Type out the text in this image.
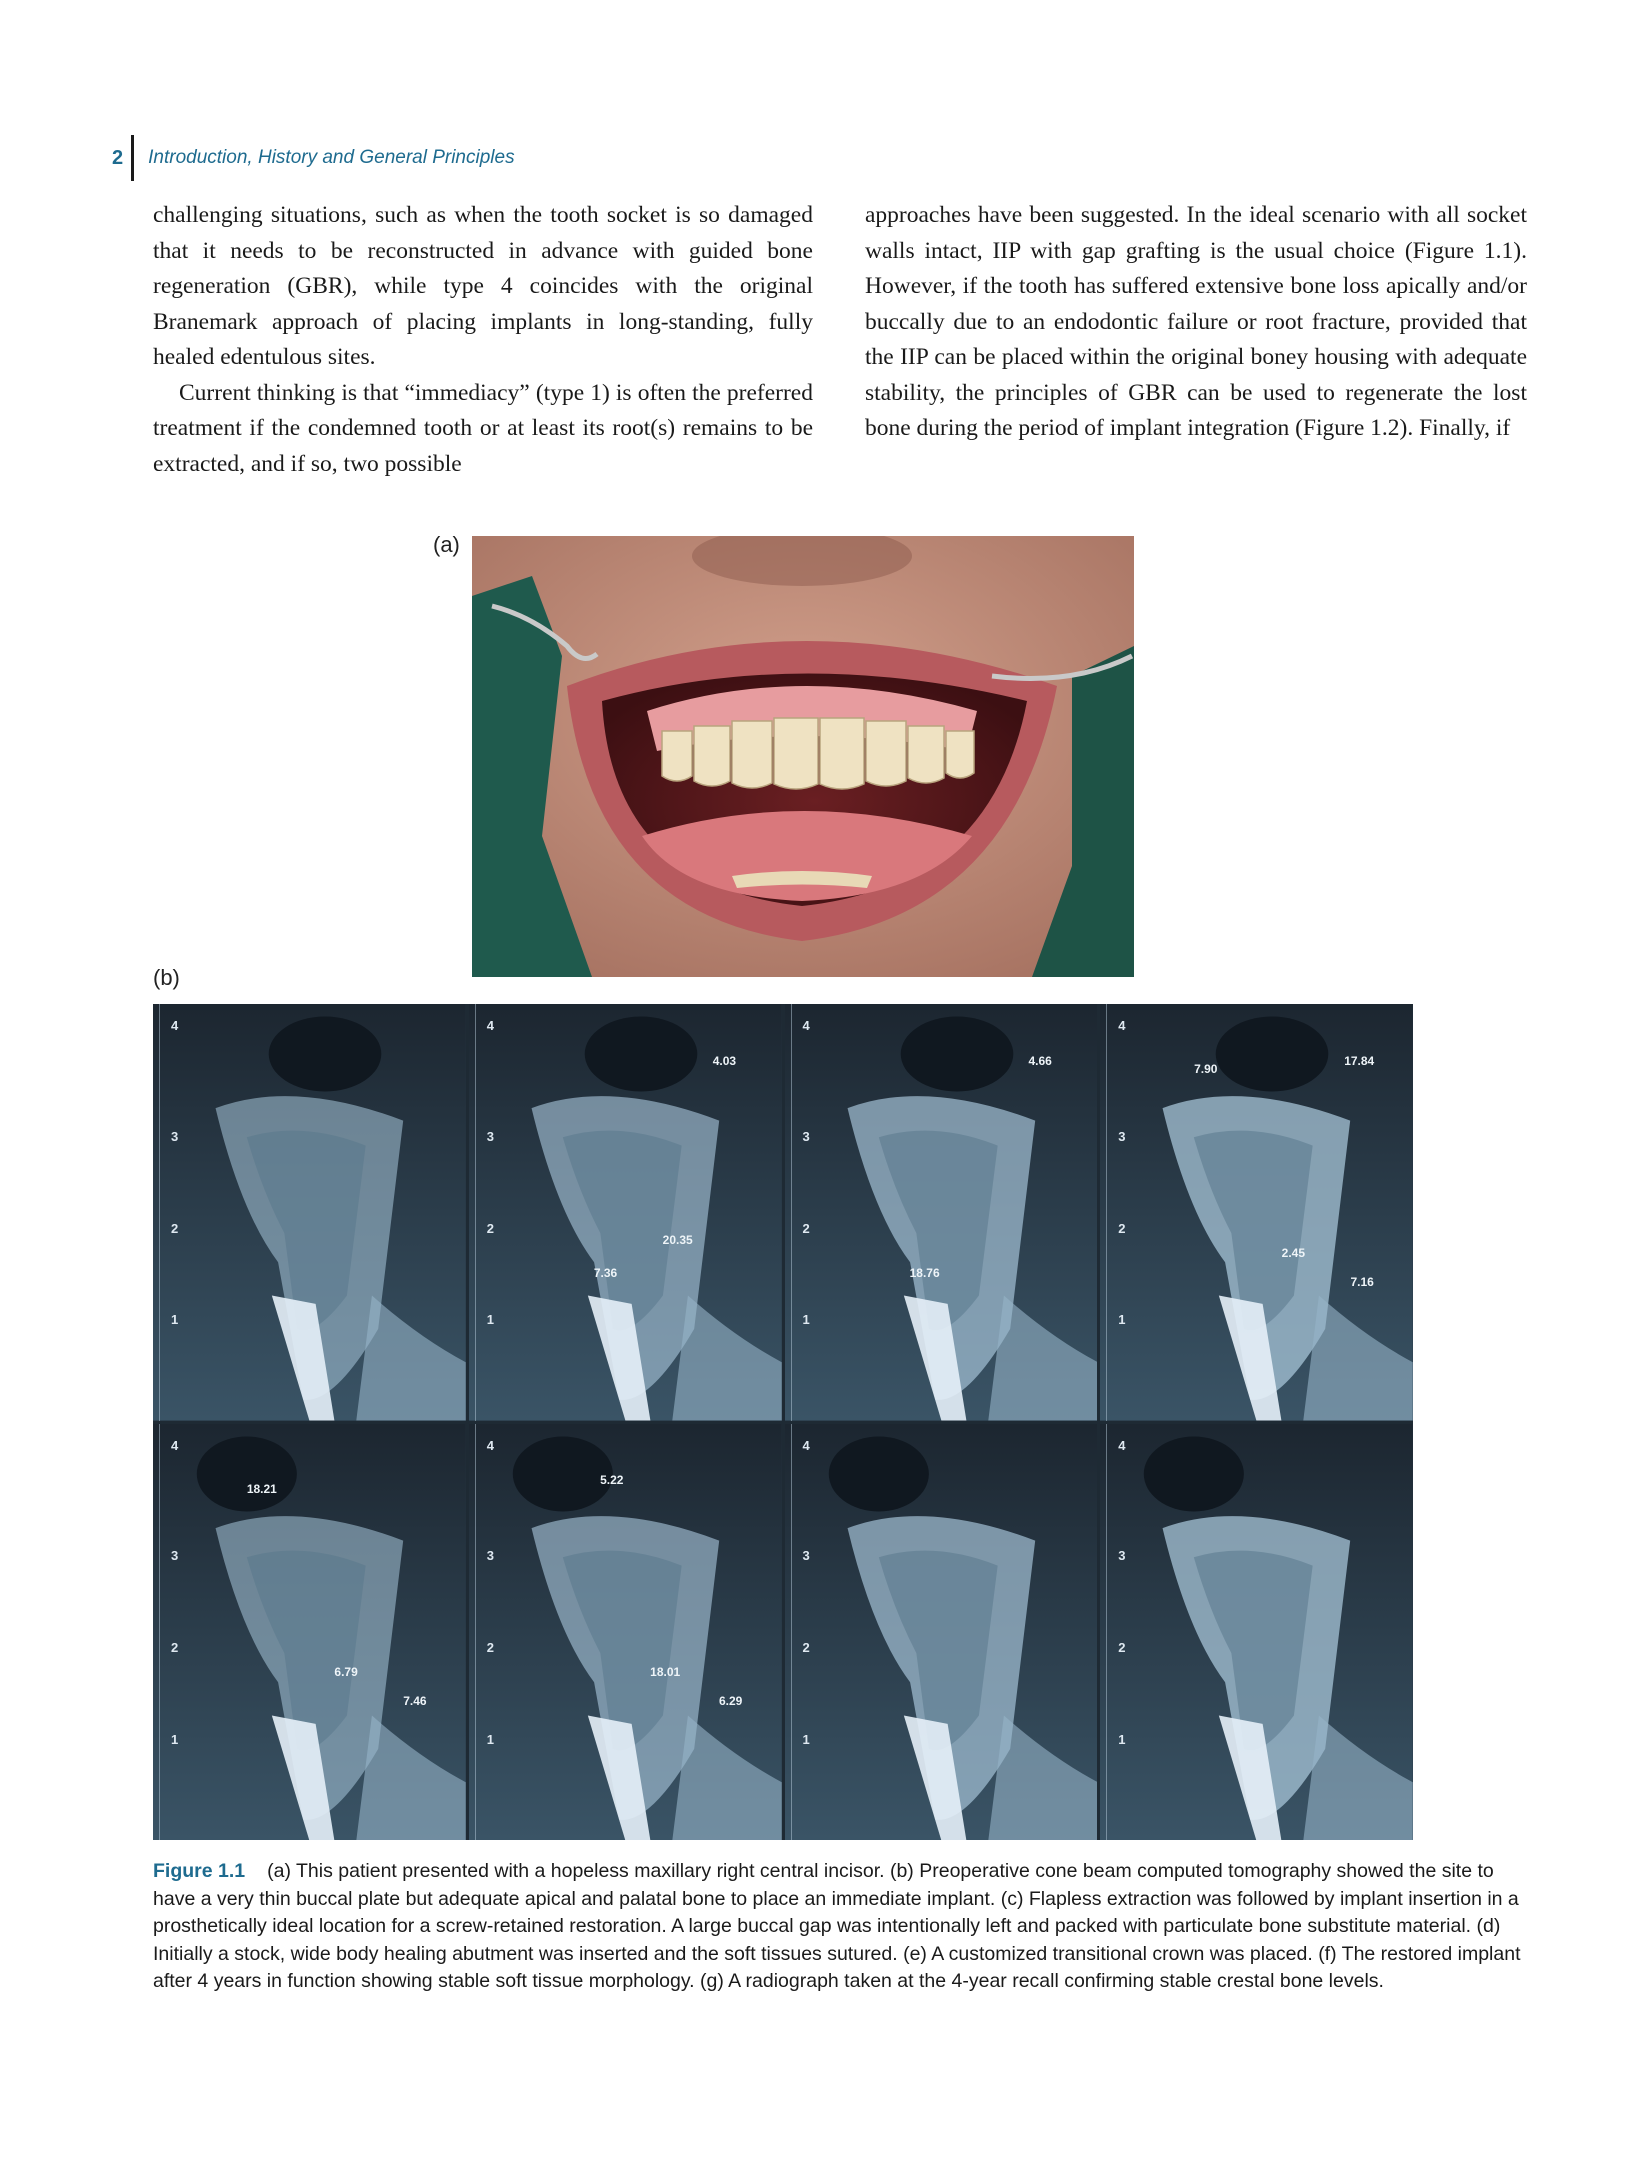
2 Introduction, History and General Principles

challenging situations, such as when the tooth socket is so damaged that it needs to be reconstructed in advance with guided bone regeneration (GBR), while type 4 coincides with the original Branemark approach of placing implants in long-standing, fully healed edentulous sites.

Current thinking is that “immediacy” (type 1) is often the preferred treatment if the condemned tooth or at least its root(s) remains to be extracted, and if so, two possible

approaches have been suggested. In the ideal scenario with all socket walls intact, IIP with gap grafting is the usual choice (Figure 1.1). However, if the tooth has suffered extensive bone loss apically and/or buccally due to an endodontic failure or root fracture, provided that the IIP can be placed within the original boney housing with adequate stability, the principles of GBR can be used to regenerate the lost bone during the period of implant integration (Figure 1.2). Finally, if

(a)
(b)
4
3
2
1
4
3
2
1
20.35
7.36
4.03
4
3
2
1
18.76
4.66
4
3
2
1
17.84
7.90
2.45
7.16
4
3
2
1
18.21
6.79
7.46
4
3
2
1
18.01
6.29
5.22
4
3
2
1
4
3
2
1
Figure 1.1 (a) This patient presented with a hopeless maxillary right central incisor. (b) Preoperative cone beam computed tomography showed the site to have a very thin buccal plate but adequate apical and palatal bone to place an immediate implant. (c) Flapless extraction was followed by implant insertion in a prosthetically ideal location for a screw-retained restoration. A large buccal gap was intentionally left and packed with particulate bone substitute material. (d) Initially a stock, wide body healing abutment was inserted and the soft tissues sutured. (e) A customized transitional crown was placed. (f) The restored implant after 4 years in function showing stable soft tissue morphology. (g) A radiograph taken at the 4-year recall confirming stable crestal bone levels.
